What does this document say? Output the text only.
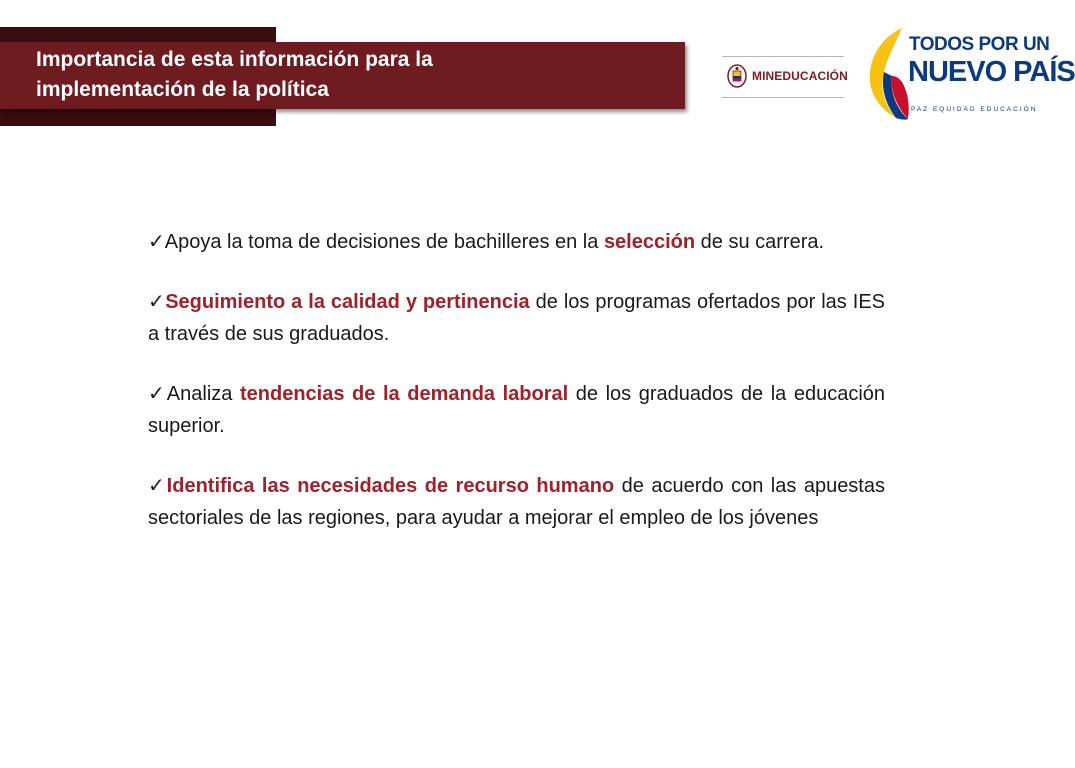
Importancia de esta información para la
implementación de la política
MINEDUCACIÓN
TODOS POR UN
NUEVO PAÍS
PAZ EQUIDAD EDUCACIÓN
✓Apoya la toma de decisiones de bachilleres en la selección de su carrera.
✓Seguimiento a la calidad y pertinencia de los programas ofertados por las IES a través de sus graduados.
✓Analiza tendencias de la demanda laboral de los graduados de la educación superior.
✓Identifica las necesidades de recurso humano de acuerdo con las apuestas sectoriales de las regiones, para ayudar a mejorar el empleo de los jóvenes
